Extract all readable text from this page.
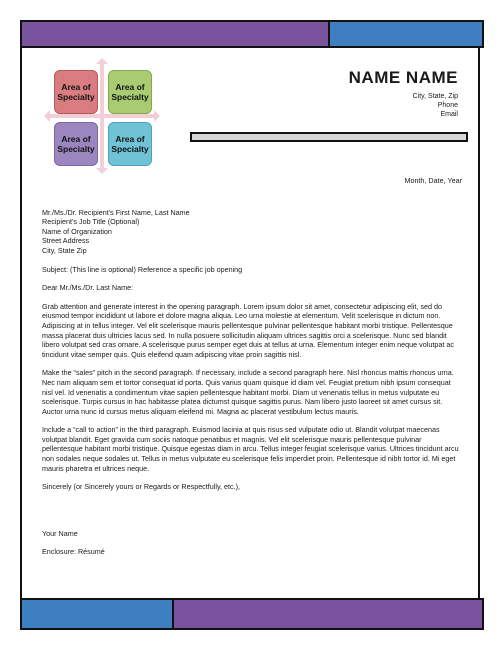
Area of Specialty
Area of Specialty
Area of Specialty
Area of Specialty
NAME NAME
City, State, Zip
Phone
Email
Month, Date, Year
Mr./Ms./Dr. Recipient’s First Name, Last Name
Recipient’s Job Title (Optional)
Name of Organization
Street Address
City, State Zip

Subject: (This line is optional) Reference a specific job opening

Dear Mr./Ms./Dr. Last Name:

Grab attention and generate interest in the opening paragraph. Lorem ipsum dolor sit amet, consectetur adipiscing elit, sed do eiusmod tempor incididunt ut labore et dolore magna aliqua. Leo urna molestie at elementum. Velit scelerisque in dictum non. Adipiscing at in tellus integer. Vel elit scelerisque mauris pellentesque pulvinar pellentesque habitant morbi tristique. Pellentesque massa placerat duis ultricies lacus sed. In nulla posuere sollicitudin aliquam ultrices sagittis orci a scelerisque. Nunc sed blandit libero volutpat sed cras ornare. A scelerisque purus semper eget duis at tellus at urna. Elementum integer enim neque volutpat ac tincidunt vitae semper quis. Quis eleifend quam adipiscing vitae proin sagittis nisl.

Make the “sales” pitch in the second paragraph. If necessary, include a second paragraph here. Nisl rhoncus mattis rhoncus urna. Nec nam aliquam sem et tortor consequat id porta. Quis varius quam quisque id diam vel. Feugiat pretium nibh ipsum consequat nisl vel. Id venenatis a condimentum vitae sapien pellentesque habitant morbi. Diam ut venenatis tellus in metus vulputate eu scelerisque. Turpis cursus in hac habitasse platea dictumst quisque sagittis purus. Nam libero justo laoreet sit amet cursus sit. Auctor urna nunc id cursus metus aliquam eleifend mi. Magna ac placerat vestibulum lectus mauris.

Include a “call to action” in the third paragraph. Euismod lacinia at quis risus sed vulputate odio ut. Blandit volutpat maecenas volutpat blandit. Eget gravida cum sociis natoque penatibus et magnis. Vel elit scelerisque mauris pellentesque pulvinar pellentesque habitant morbi tristique. Quisque egestas diam in arcu. Tellus integer feugiat scelerisque varius. Ultrices tincidunt arcu non sodales neque sodales ut. Tellus in metus vulputate eu scelerisque felis imperdiet proin. Pellentesque id nibh tortor id. Mi eget mauris pharetra et ultrices neque.

Sincerely (or Sincerely yours or Regards or Respectfully, etc.),

Your Name

Enclosure: Résumé
